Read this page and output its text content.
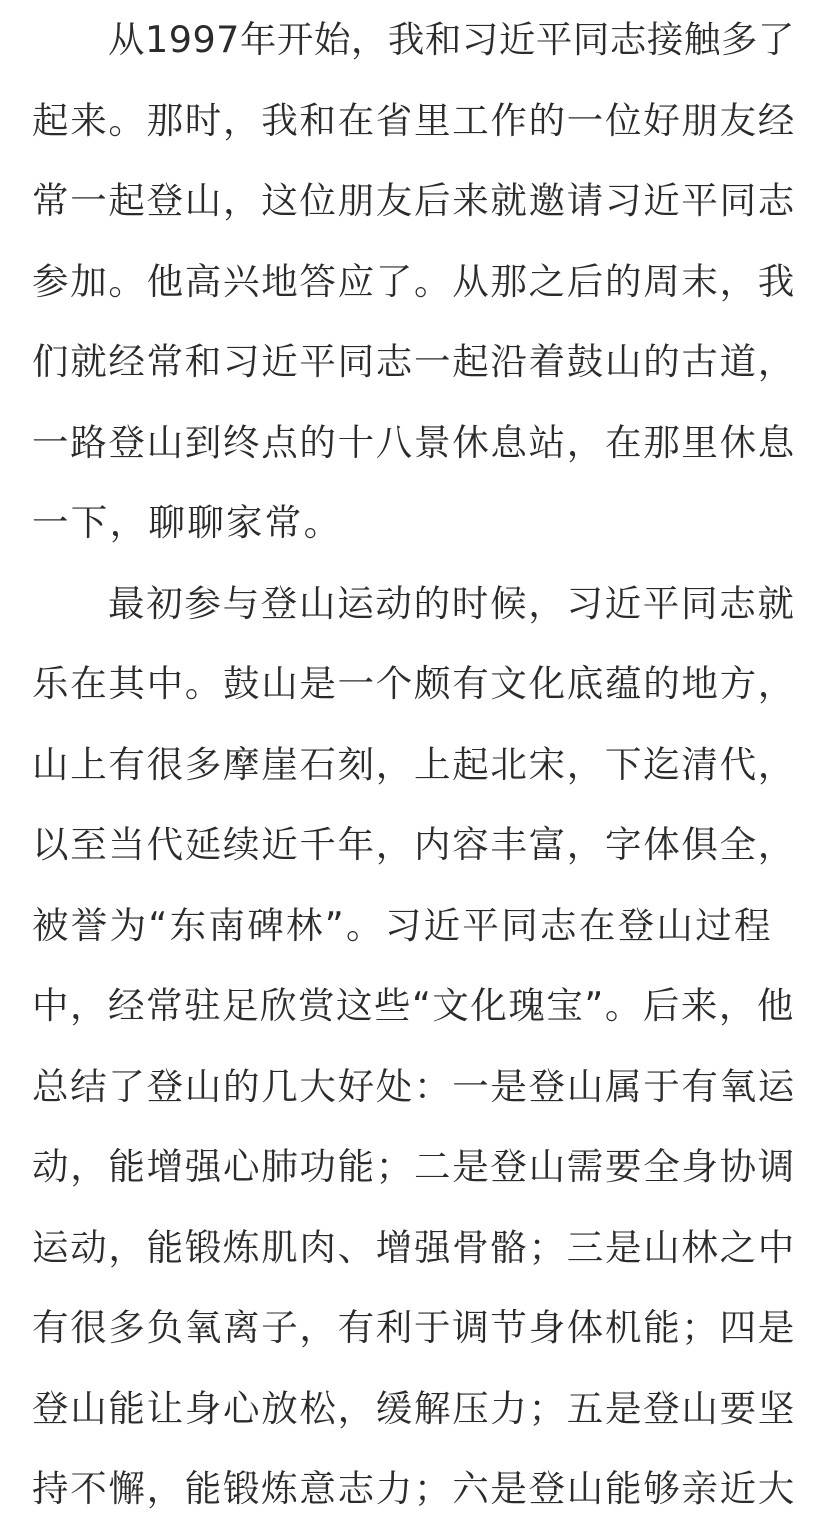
从1997年开始，我和习近平同志接触多了
起来。那时，我和在省里工作的一位好朋友经
常一起登山，这位朋友后来就邀请习近平同志
参加。他高兴地答应了。从那之后的周末，我
们就经常和习近平同志一起沿着鼓山的古道，
一路登山到终点的十八景休息站，在那里休息
一下，聊聊家常。
最初参与登山运动的时候，习近平同志就
乐在其中。鼓山是一个颇有文化底蕴的地方，
山上有很多摩崖石刻，上起北宋，下迄清代，
以至当代延续近千年，内容丰富，字体俱全，
被誉为“东南碑林”。习近平同志在登山过程
中，经常驻足欣赏这些“文化瑰宝”。后来，他
总结了登山的几大好处：一是登山属于有氧运
动，能增强心肺功能；二是登山需要全身协调
运动，能锻炼肌肉、增强骨骼；三是山林之中
有很多负氧离子，有利于调节身体机能；四是
登山能让身心放松，缓解压力；五是登山要坚
持不懈，能锻炼意志力；六是登山能够亲近大
